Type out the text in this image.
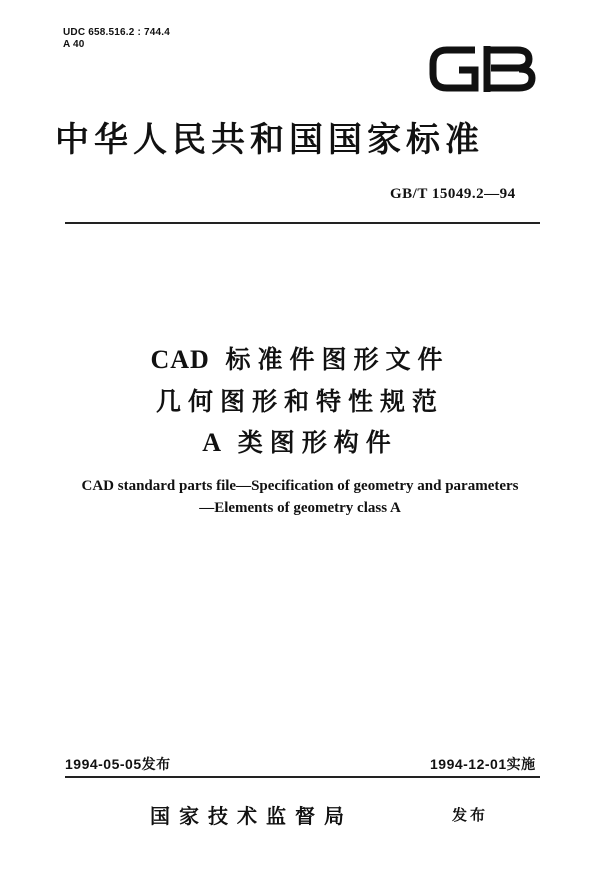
UDC 658.516.2 : 744.4
A 40
中华人民共和国国家标准
GB/T 15049.2—94
CAD 标准件图形文件
几何图形和特性规范
A 类图形构件
CAD standard parts file—Specification of geometry and parameters
—Elements of geometry class A
1994-05-05发布	1994-12-01实施
国家技术监督局	发布
